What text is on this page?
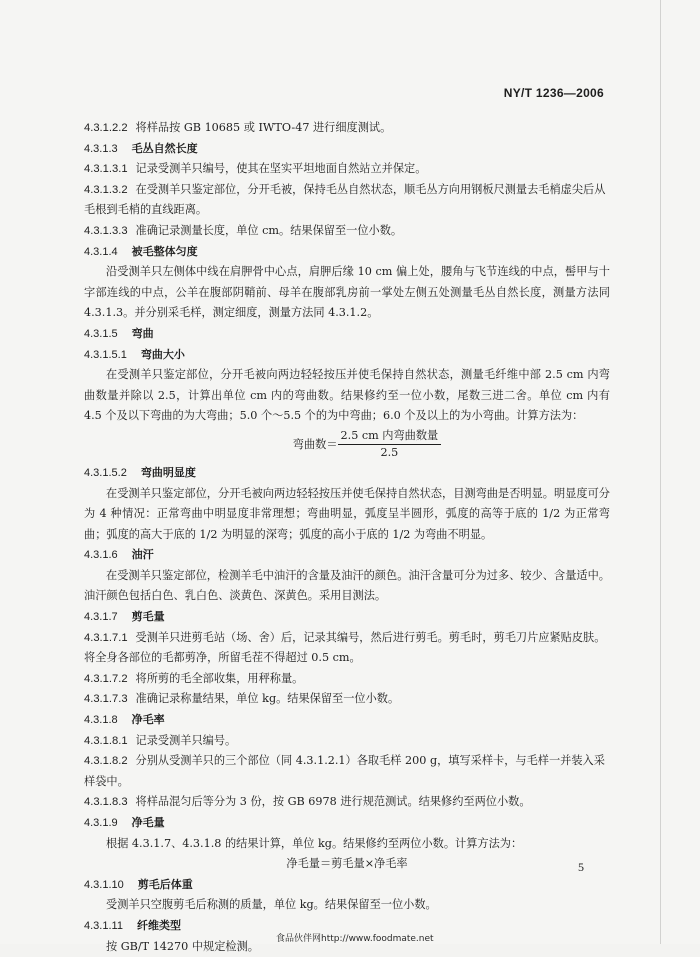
NY/T 1236—2006

4.3.1.2.2 将样品按 GB 10685 或 IWTO-47 进行细度测试。

4.3.1.3 毛丛自然长度

4.3.1.3.1 记录受测羊只编号，使其在坚实平坦地面自然站立并保定。

4.3.1.3.2 在受测羊只鉴定部位，分开毛被，保持毛丛自然状态，顺毛丛方向用钢板尺测量去毛梢虚尖后从毛根到毛梢的直线距离。

4.3.1.3.3 准确记录测量长度，单位 cm。结果保留至一位小数。

4.3.1.4 被毛整体匀度

沿受测羊只左侧体中线在肩胛骨中心点，肩胛后缘 10 cm 偏上处，腰角与飞节连线的中点，髻甲与十字部连线的中点，公羊在腹部阴鞘前、母羊在腹部乳房前一掌处左侧五处测量毛丛自然长度，测量方法同 4.3.1.3。并分别采毛样，测定细度，测量方法同 4.3.1.2。

4.3.1.5 弯曲

4.3.1.5.1 弯曲大小

在受测羊只鉴定部位，分开毛被向两边轻轻按压并使毛保持自然状态，测量毛纤维中部 2.5 cm 内弯曲数量并除以 2.5，计算出单位 cm 内的弯曲数。结果修约至一位小数，尾数三进二舍。单位 cm 内有 4.5 个及以下弯曲的为大弯曲；5.0 个～5.5 个的为中弯曲；6.0 个及以上的为小弯曲。计算方法为：

弯曲数＝ $\frac{\text{2.5 cm 内弯曲数量}}{2.5}$

4.3.1.5.2 弯曲明显度

在受测羊只鉴定部位，分开毛被向两边轻轻按压并使毛保持自然状态，目测弯曲是否明显。明显度可分为 4 种情况：正常弯曲中明显度非常理想；弯曲明显，弧度呈半圆形，弧度的高等于底的 1/2 为正常弯曲；弧度的高大于底的 1/2 为明显的深弯；弧度的高小于底的 1/2 为弯曲不明显。

4.3.1.6 油汗

在受测羊只鉴定部位，检测羊毛中油汗的含量及油汗的颜色。油汗含量可分为过多、较少、含量适中。油汗颜色包括白色、乳白色、淡黄色、深黄色。采用目测法。

4.3.1.7 剪毛量

4.3.1.7.1 受测羊只进剪毛站（场、舍）后，记录其编号，然后进行剪毛。剪毛时，剪毛刀片应紧贴皮肤。将全身各部位的毛都剪净，所留毛茬不得超过 0.5 cm。

4.3.1.7.2 将所剪的毛全部收集，用秤称量。

4.3.1.7.3 准确记录称量结果，单位 kg。结果保留至一位小数。

4.3.1.8 净毛率

4.3.1.8.1 记录受测羊只编号。

4.3.1.8.2 分别从受测羊只的三个部位（同 4.3.1.2.1）各取毛样 200 g，填写采样卡，与毛样一并装入采样袋中。

4.3.1.8.3 将样品混匀后等分为 3 份，按 GB 6978 进行规范测试。结果修约至两位小数。

4.3.1.9 净毛量

根据 4.3.1.7、4.3.1.8 的结果计算，单位 kg。结果修约至两位小数。计算方法为：

净毛量＝剪毛量×净毛率

4.3.1.10 剪毛后体重

受测羊只空腹剪毛后称测的质量，单位 kg。结果保留至一位小数。

4.3.1.11 纤维类型

按 GB/T 14270 中规定检测。

5
食品伙伴网http://www.foodmate.net
